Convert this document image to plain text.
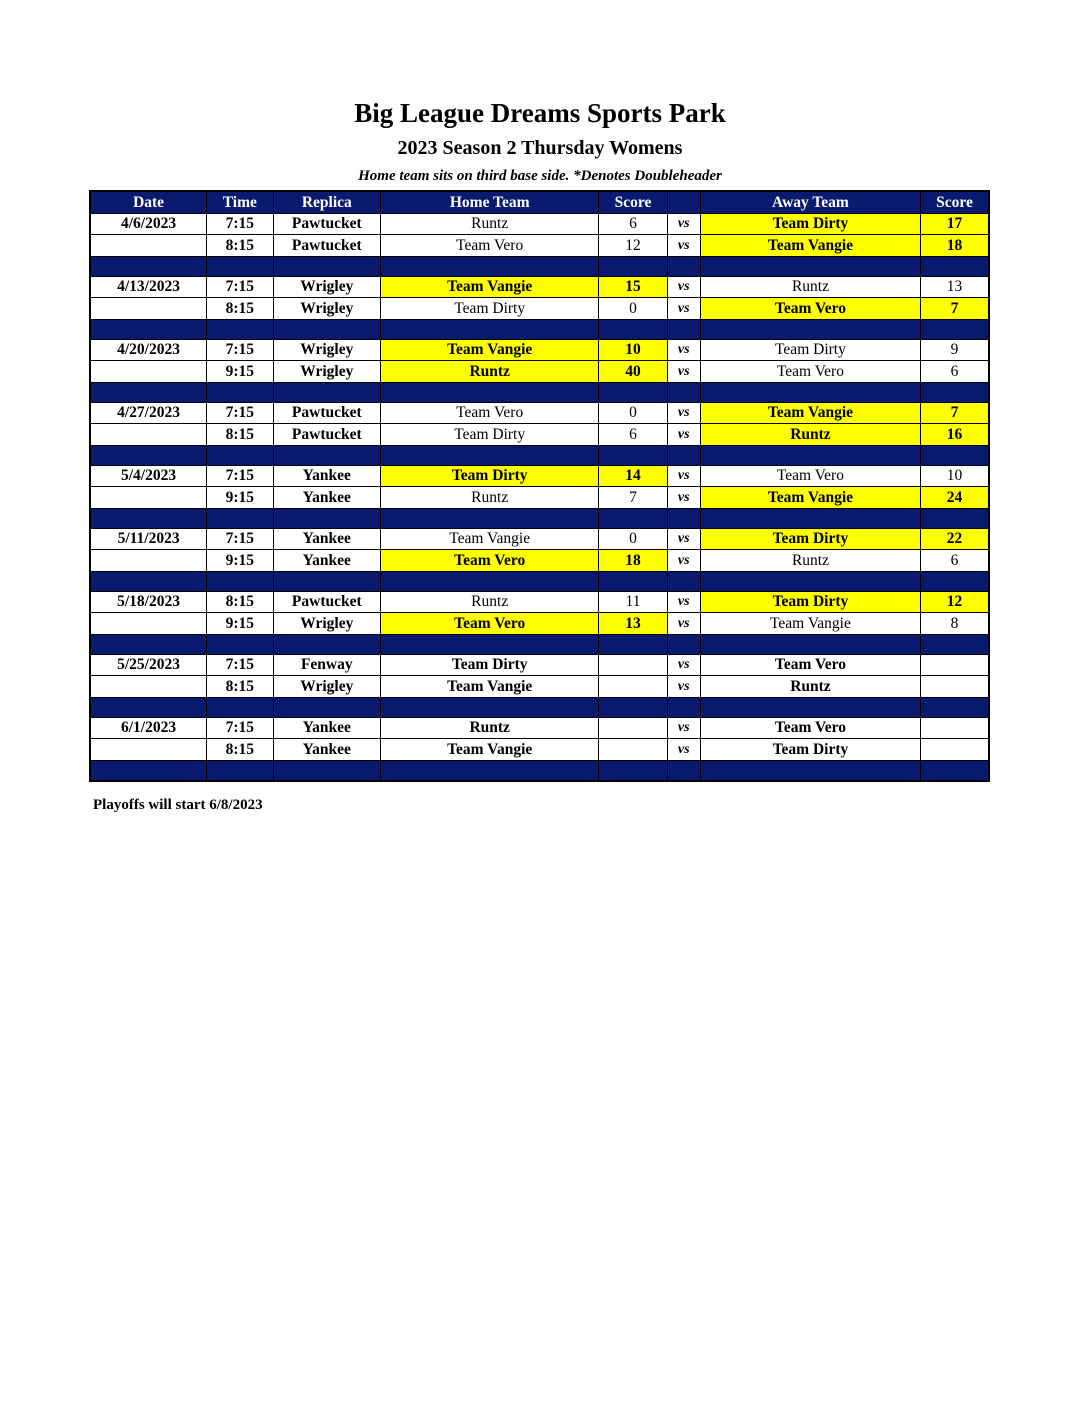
Big League Dreams Sports Park
2023 Season 2 Thursday Womens
Home team sits on third base side. *Denotes Doubleheader
Date	Time	Replica	Home Team	Score		Away Team	Score
4/6/2023	7:15	Pawtucket	Runtz	6	vs	Team Dirty	17
	8:15	Pawtucket	Team Vero	12	vs	Team Vangie	18

4/13/2023	7:15	Wrigley	Team Vangie	15	vs	Runtz	13
	8:15	Wrigley	Team Dirty	0	vs	Team Vero	7

4/20/2023	7:15	Wrigley	Team Vangie	10	vs	Team Dirty	9
	9:15	Wrigley	Runtz	40	vs	Team Vero	6

4/27/2023	7:15	Pawtucket	Team Vero	0	vs	Team Vangie	7
	8:15	Pawtucket	Team Dirty	6	vs	Runtz	16

5/4/2023	7:15	Yankee	Team Dirty	14	vs	Team Vero	10
	9:15	Yankee	Runtz	7	vs	Team Vangie	24

5/11/2023	7:15	Yankee	Team Vangie	0	vs	Team Dirty	22
	9:15	Yankee	Team Vero	18	vs	Runtz	6

5/18/2023	8:15	Pawtucket	Runtz	11	vs	Team Dirty	12
	9:15	Wrigley	Team Vero	13	vs	Team Vangie	8

5/25/2023	7:15	Fenway	Team Dirty		vs	Team Vero	
	8:15	Wrigley	Team Vangie		vs	Runtz	

6/1/2023	7:15	Yankee	Runtz		vs	Team Vero	
	8:15	Yankee	Team Vangie		vs	Team Dirty	

Playoffs will start 6/8/2023
